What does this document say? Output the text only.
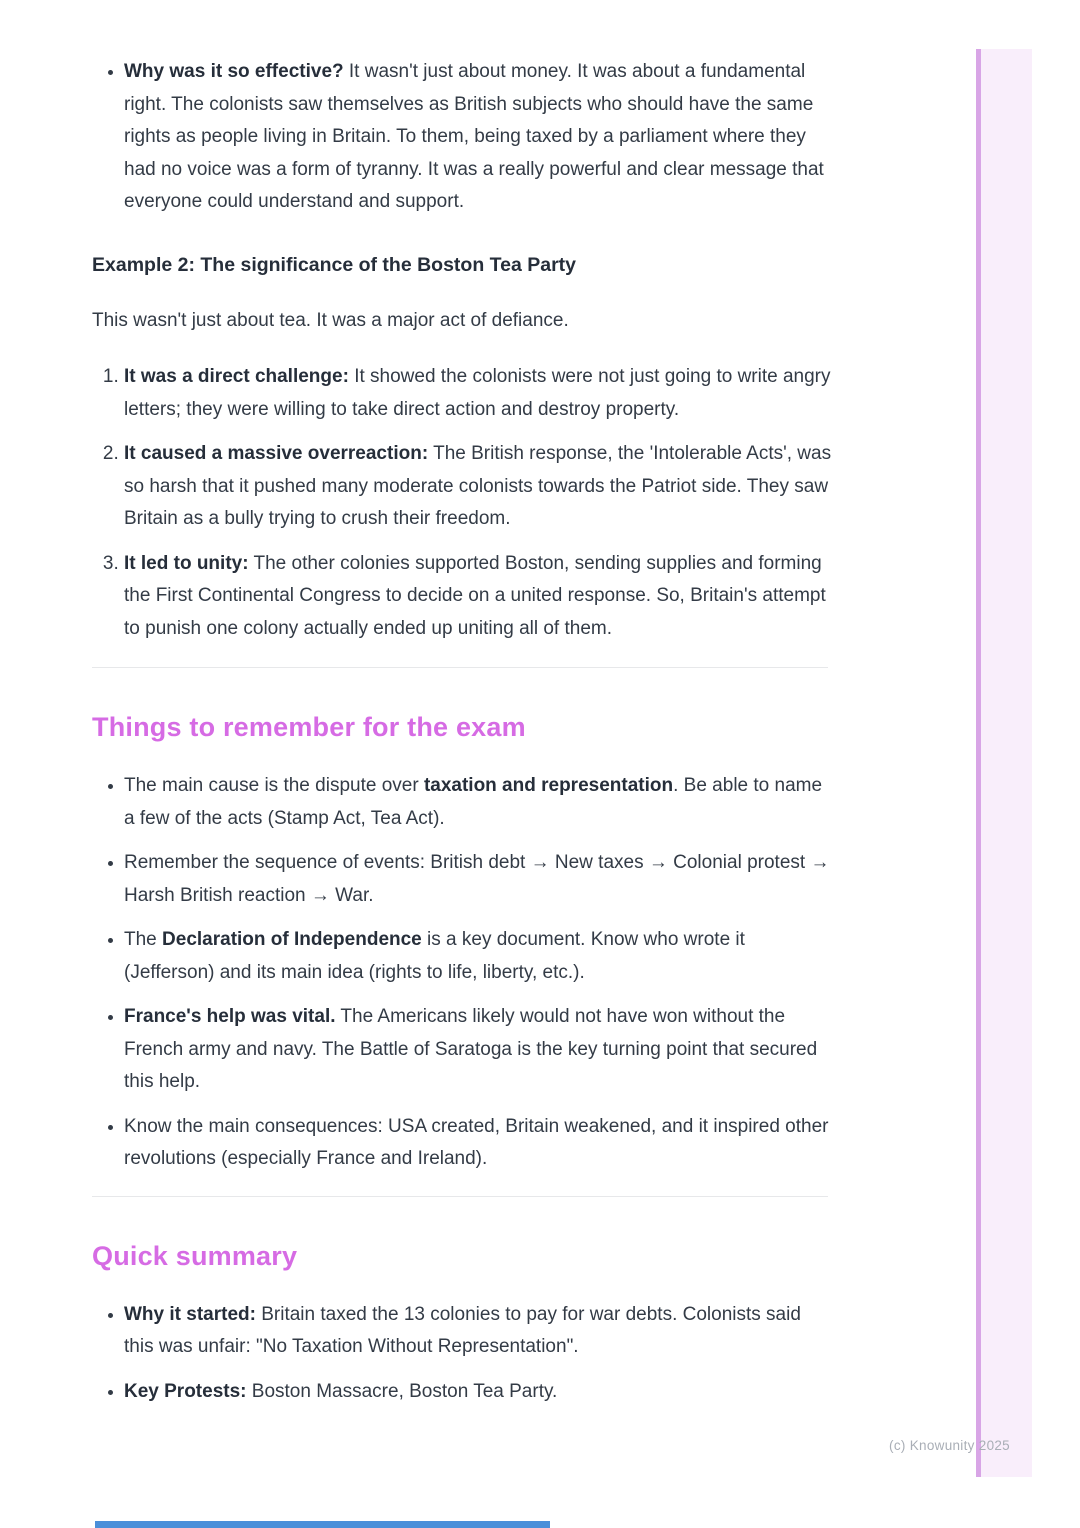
(c) Knowunity 2025
• Why was it so effective? It wasn't just about money. It was about a fundamental right. The colonists saw themselves as British subjects who should have the same rights as people living in Britain. To them, being taxed by a parliament where they had no voice was a form of tyranny. It was a really powerful and clear message that everyone could understand and support.
Example 2: The significance of the Boston Tea Party

This wasn't just about tea. It was a major act of defiance.

1. It was a direct challenge: It showed the colonists were not just going to write angry letters; they were willing to take direct action and destroy property.
2. It caused a massive overreaction: The British response, the 'Intolerable Acts', was so harsh that it pushed many moderate colonists towards the Patriot side. They saw Britain as a bully trying to crush their freedom.
3. It led to unity: The other colonies supported Boston, sending supplies and forming the First Continental Congress to decide on a united response. So, Britain's attempt to punish one colony actually ended up uniting all of them.
Things to remember for the exam
• The main cause is the dispute over taxation and representation. Be able to name a few of the acts (Stamp Act, Tea Act).
• Remember the sequence of events: British debt → New taxes → Colonial protest → Harsh British reaction → War.
• The Declaration of Independence is a key document. Know who wrote it (Jefferson) and its main idea (rights to life, liberty, etc.).
• France's help was vital. The Americans likely would not have won without the French army and navy. The Battle of Saratoga is the key turning point that secured this help.
• Know the main consequences: USA created, Britain weakened, and it inspired other revolutions (especially France and Ireland).
Quick summary
• Why it started: Britain taxed the 13 colonies to pay for war debts. Colonists said this was unfair: "No Taxation Without Representation".
• Key Protests: Boston Massacre, Boston Tea Party.
